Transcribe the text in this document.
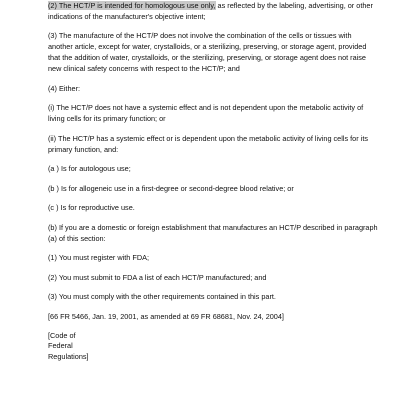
(2) The HCT/P is intended for homologous use only, as reflected by the labeling, advertising, or other indications of the manufacturer's objective intent;

(3) The manufacture of the HCT/P does not involve the combination of the cells or tissues with another article, except for water, crystalloids, or a sterilizing, preserving, or storage agent, provided that the addition of water, crystalloids, or the sterilizing, preserving, or storage agent does not raise new clinical safety concerns with respect to the HCT/P; and

(4) Either:

(i) The HCT/P does not have a systemic effect and is not dependent upon the metabolic activity of living cells for its primary function; or

(ii) The HCT/P has a systemic effect or is dependent upon the metabolic activity of living cells for its primary function, and:

(a ) Is for autologous use;

(b ) Is for allogeneic use in a first-degree or second-degree blood relative; or

(c ) Is for reproductive use.

(b) If you are a domestic or foreign establishment that manufactures an HCT/P described in paragraph (a) of this section:

(1) You must register with FDA;

(2) You must submit to FDA a list of each HCT/P manufactured; and

(3) You must comply with the other requirements contained in this part.

[66 FR 5466, Jan. 19, 2001, as amended at 69 FR 68681, Nov. 24, 2004]

[Code of
Federal
Regulations]
